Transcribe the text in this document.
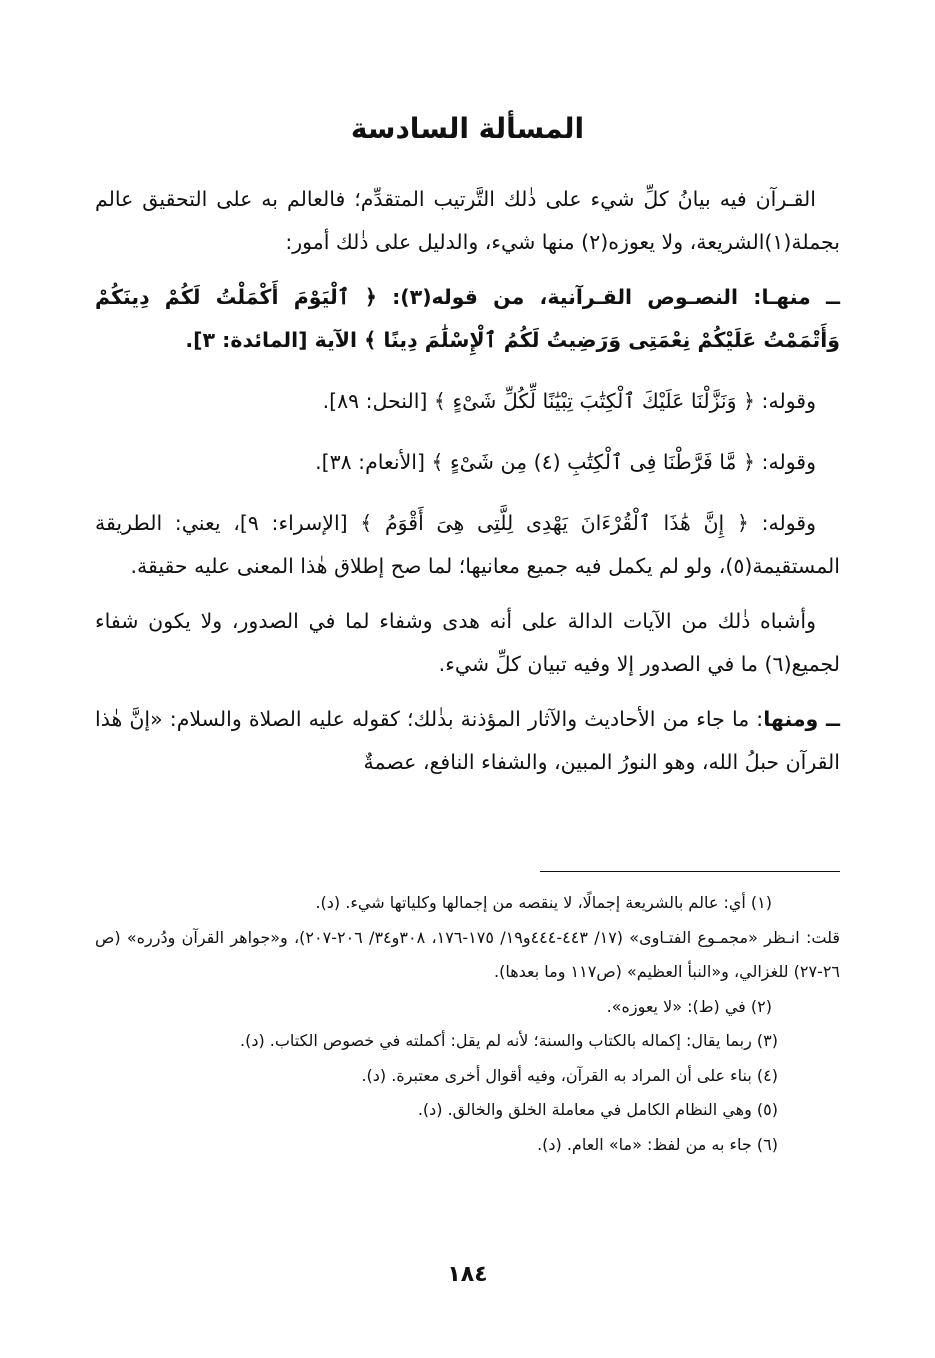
المسألة السادسة

القـرآن فيه بيانُ كلِّ شيء على ذٰلك التَّرتيب المتقدِّم؛ فالعالم به على التحقيق عالم بجملة(١)الشريعة، ولا يعوزه(٢) منها شيء، والدليل على ذٰلك أمور:

ــ منهـا: النصـوص القـرآنية، من قوله(٣): ﴿ ٱلْيَوْمَ أَكْمَلْتُ لَكُمْ دِينَكُمْ وَأَتْمَمْتُ عَلَيْكُمْ نِعْمَتِى وَرَضِيتُ لَكُمُ ٱلْإِسْلَٰمَ دِينًا ﴾ الآية [المائدة: ٣].

وقوله: ﴿ وَنَزَّلْنَا عَلَيْكَ ٱلْكِتَٰبَ تِبْيَٰنًا لِّكُلِّ شَىْءٍ ﴾ [النحل: ٨٩].

وقوله: ﴿ مَّا فَرَّطْنَا فِى ٱلْكِتَٰبِ (٤) مِن شَىْءٍ ﴾ [الأنعام: ٣٨].

وقوله: ﴿ إِنَّ هَٰذَا ٱلْقُرْءَانَ يَهْدِى لِلَّتِى هِىَ أَقْوَمُ ﴾ [الإسراء: ٩]، يعني: الطريقة المستقيمة(٥)، ولو لم يكمل فيه جميع معانيها؛ لما صح إطلاق هٰذا المعنى عليه حقيقة.

وأشباه ذٰلك من الآيات الدالة على أنه هدى وشفاء لما في الصدور، ولا يكون شفاء لجميع(٦) ما في الصدور إلا وفيه تبيان كلِّ شيء.

ــ ومنها: ما جاء من الأحاديث والآثار المؤذنة بذٰلك؛ كقوله عليه الصلاة والسلام: «إنَّ هٰذا القرآن حبلُ الله، وهو النورُ المبين، والشفاء النافع، عصمةٌ

(١) أي: عالم بالشريعة إجمالًا، لا ينقصه من إجمالها وكلياتها شيء. (د).
قلت: انـظر «مجمـوع الفتـاوى» (١٧/ ٤٤٣-٤٤٤و١٩/ ١٧٥-١٧٦، ٣٠٨و٣٤/ ٢٠٦-٢٠٧)، و«جواهر القرآن ودُرره» (ص ٢٦-٢٧) للغزالي، و«النبأ العظيم» (ص١١٧ وما بعدها).
(٢) في (ط): «لا يعوزه».
(٣) ربما يقال: إكماله بالكتاب والسنة؛ لأنه لم يقل: أكملته في خصوص الكتاب. (د).
(٤) بناء على أن المراد به القرآن، وفيه أقوال أخرى معتبرة. (د).
(٥) وهي النظام الكامل في معاملة الخلق والخالق. (د).
(٦) جاء به من لفظ: «ما» العام. (د).
١٨٤
